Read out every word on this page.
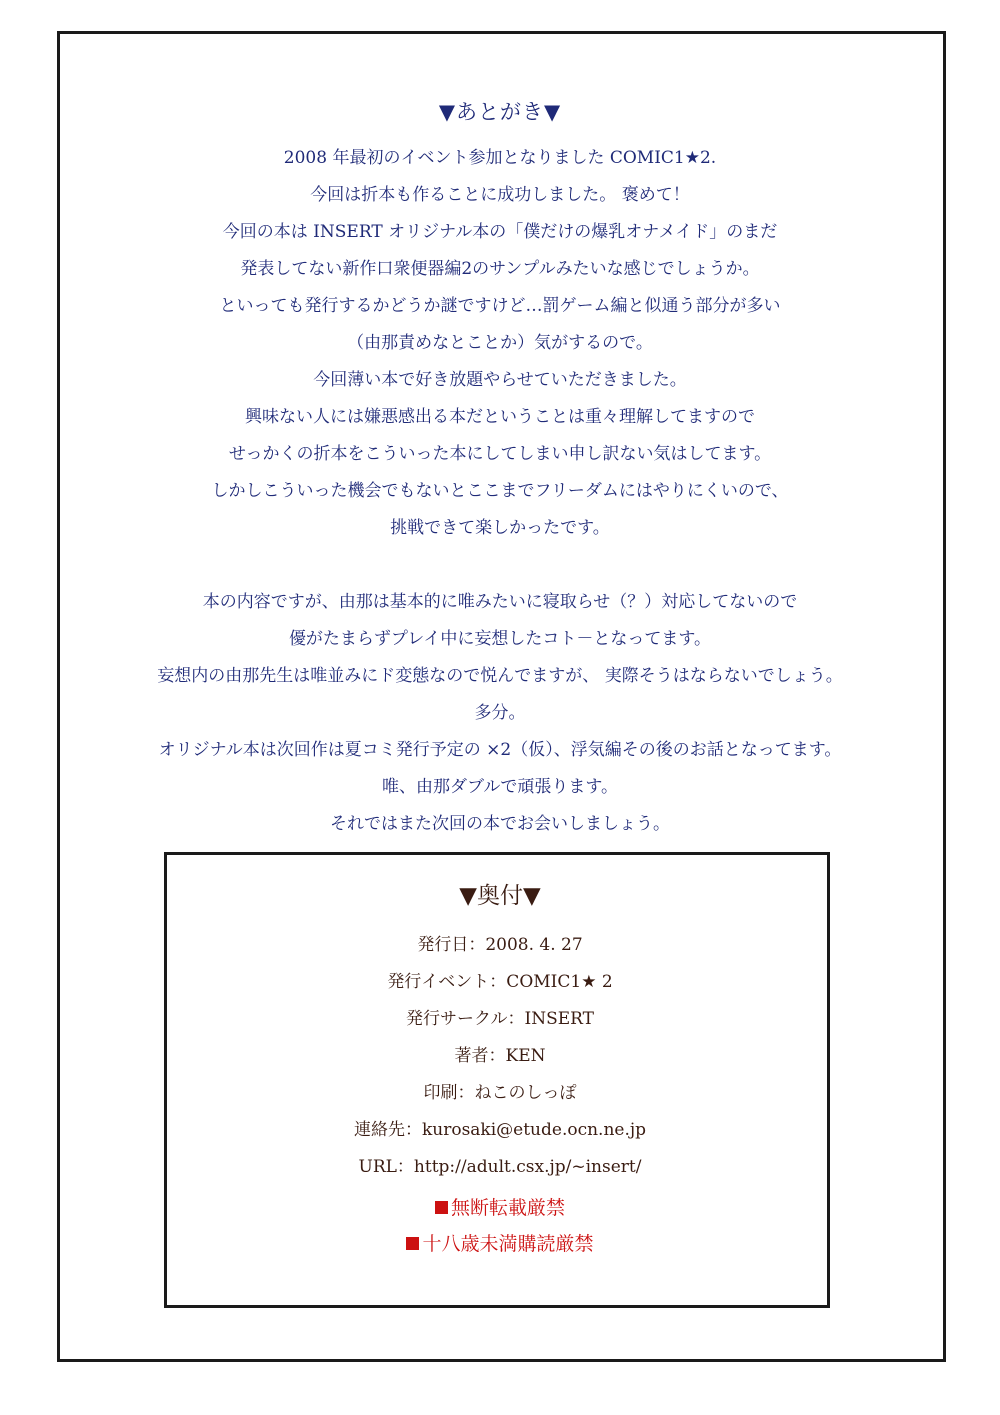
▼あとがき▼
2008 年最初のイベント参加となりました COMIC1★2.
今回は折本も作ることに成功しました。 褒めて！
今回の本は INSERT オリジナル本の「僕だけの爆乳オナメイド」のまだ
発表してない新作口衆便器編2のサンプルみたいな感じでしょうか。
といっても発行するかどうか謎ですけど…罰ゲーム編と似通う部分が多い
（由那責めなとことか）気がするので。
今回薄い本で好き放題やらせていただきました。
興味ない人には嫌悪感出る本だということは重々理解してますので
せっかくの折本をこういった本にしてしまい申し訳ない気はしてます。
しかしこういった機会でもないとここまでフリーダムにはやりにくいので、
挑戦できて楽しかったです。
本の内容ですが、由那は基本的に唯みたいに寝取らせ（？）対応してないので
優がたまらずプレイ中に妄想したコト－となってます。
妄想内の由那先生は唯並みにド変態なので悦んでますが、 実際そうはならないでしょう。
多分。
オリジナル本は次回作は夏コミ発行予定の ×2（仮）、浮気編その後のお話となってます。
唯、由那ダブルで頑張ります。
それではまた次回の本でお会いしましょう。
▼奥付▼
発行日：2008. 4. 27
発行イベント：COMIC1★ 2
発行サークル：INSERT
著者：KEN
印刷：ねこのしっぽ
連絡先：kurosaki@etude.ocn.ne.jp
URL：http://adult.csx.jp/~insert/
無断転載厳禁
十八歳未満購読厳禁
